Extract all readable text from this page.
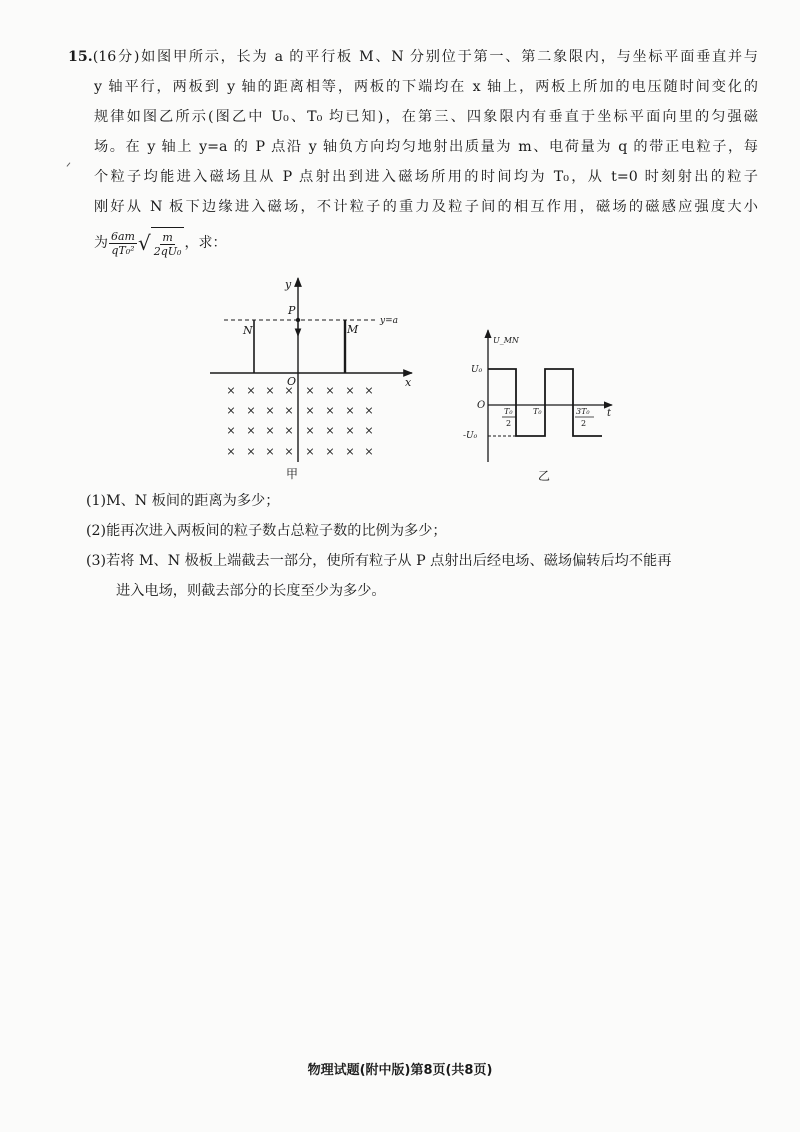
15.(16分)如图甲所示，长为 a 的平行板 M、N 分别位于第一、第二象限内，与坐标平面垂直并与

y 轴平行，两板到 y 轴的距离相等，两板的下端均在 x 轴上，两板上所加的电压随时间变化的

规律如图乙所示(图乙中 U₀、T₀ 均已知)，在第三、四象限内有垂直于坐标平面向里的匀强磁

场。在 y 轴上 y=a 的 P 点沿 y 轴负方向均匀地射出质量为 m、电荷量为 q 的带正电粒子，每

个粒子均能进入磁场且从 P 点射出到进入磁场所用的时间均为 T₀，从 t=0 时刻射出的粒子

刚好从 N 板下边缘进入磁场，不计粒子的重力及粒子间的相互作用，磁场的磁感应强度大小

为 $\frac{6am}{\text{qT₀²}}$ √ $\frac{m}{\text{2qU₀}}$ ，求：
ᐟ
y
x
O
y=a
P
N	M
× × × × × × × ×
× × × × × × × ×
× × × × × × × ×
× × × × × × × ×
甲
U_MN
t
O
U₀
-U₀
T₀
2
T₀	3T₀
2
乙

(1)M、N 板间的距离为多少；

(2)能再次进入两板间的粒子数占总粒子数的比例为多少；

(3)若将 M、N 极板上端截去一部分，使所有粒子从 P 点射出后经电场、磁场偏转后均不能再

进入电场，则截去部分的长度至少为多少。

物理试题(附中版)第8页(共8页)
